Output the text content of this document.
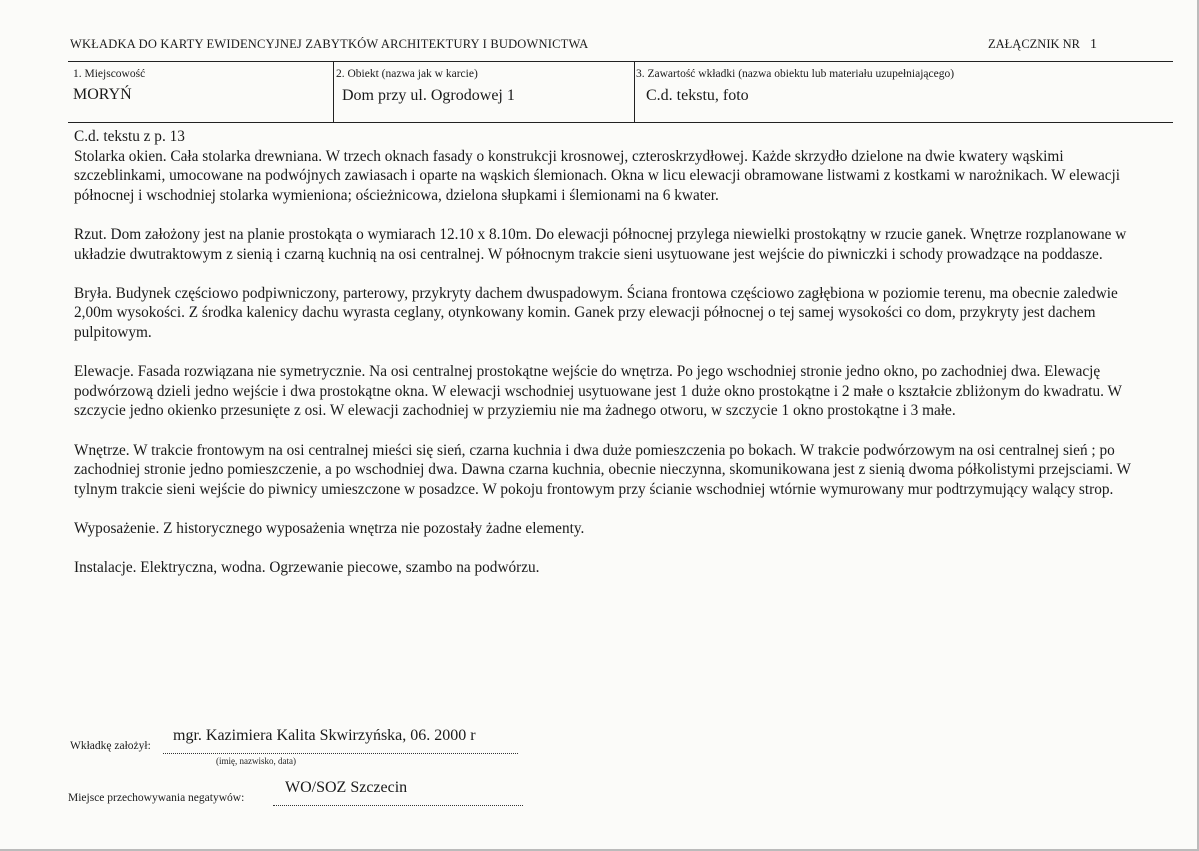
WKŁADKA DO KARTY EWIDENCYJNEJ ZABYTKÓW ARCHITEKTURY I BUDOWNICTWA	ZAŁĄCZNIK NR 1
1. Miejscowość
MORYŃ
2. Obiekt (nazwa jak w karcie)
Dom przy ul. Ogrodowej 1
3. Zawartość wkładki (nazwa obiektu lub materiału uzupełniającego)
C.d. tekstu, foto

C.d. tekstu z p. 13

Stolarka okien. Cała stolarka drewniana. W trzech oknach fasady o konstrukcji krosnowej, czteroskrzydłowej. Każde skrzydło dzielone na dwie kwatery wąskimi szczeblinkami, umocowane na podwójnych zawiasach i oparte na wąskich ślemionach. Okna w licu elewacji obramowane listwami z kostkami w narożnikach. W elewacji północnej i wschodniej stolarka wymieniona; ościeżnicowa, dzielona słupkami i ślemionami na 6 kwater.

Rzut. Dom założony jest na planie prostokąta o wymiarach 12.10 x 8.10m. Do elewacji północnej przylega niewielki prostokątny w rzucie ganek. Wnętrze rozplanowane w układzie dwutraktowym z sienią i czarną kuchnią na osi centralnej. W północnym trakcie sieni usytuowane jest wejście do piwniczki i schody prowadzące na poddasze.

Bryła. Budynek częściowo podpiwniczony, parterowy, przykryty dachem dwuspadowym. Ściana frontowa częściowo zagłębiona w poziomie terenu, ma obecnie zaledwie 2,00m wysokości. Z środka kalenicy dachu wyrasta ceglany, otynkowany komin. Ganek przy elewacji północnej o tej samej wysokości co dom, przykryty jest dachem pulpitowym.

Elewacje. Fasada rozwiązana nie symetrycznie. Na osi centralnej prostokątne wejście do wnętrza. Po jego wschodniej stronie jedno okno, po zachodniej dwa. Elewację podwórzową dzieli jedno wejście i dwa prostokątne okna. W elewacji wschodniej usytuowane jest 1 duże okno prostokątne i 2 małe o kształcie zbliżonym do kwadratu. W szczycie jedno okienko przesunięte z osi. W elewacji zachodniej w przyziemiu nie ma żadnego otworu, w szczycie 1 okno prostokątne i 3 małe.

Wnętrze. W trakcie frontowym na osi centralnej mieści się sień, czarna kuchnia i dwa duże pomieszczenia po bokach. W trakcie podwórzowym na osi centralnej sień ; po zachodniej stronie jedno pomieszczenie, a po wschodniej dwa. Dawna czarna kuchnia, obecnie nieczynna, skomunikowana jest z sienią dwoma półkolistymi przejsciami. W tylnym trakcie sieni wejście do piwnicy umieszczone w posadzce. W pokoju frontowym przy ścianie wschodniej wtórnie wymurowany mur podtrzymujący walący strop.

Wyposażenie. Z historycznego wyposażenia wnętrza nie pozostały żadne elementy.

Instalacje. Elektryczna, wodna. Ogrzewanie piecowe, szambo na podwórzu.

Wkładkę założył:
mgr. Kazimiera Kalita Skwirzyńska, 06. 2000 r
(imię, nazwisko, data)
Miejsce przechowywania negatywów:
WO/SOZ Szczecin
